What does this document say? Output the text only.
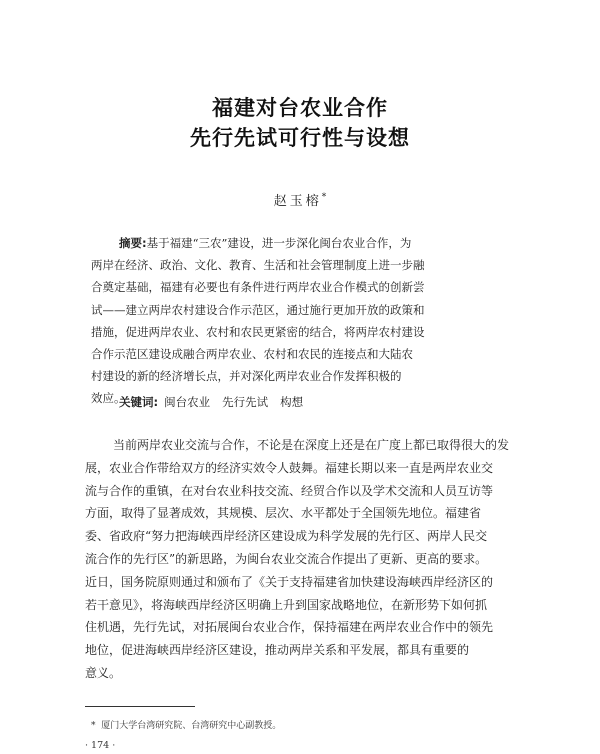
福建对台农业合作
先行先试可行性与设想
赵玉榕*
摘要:基于福建“三农”建设，进一步深化闽台农业合作，为
两岸在经济、政治、文化、教育、生活和社会管理制度上进一步融
合奠定基础，福建有必要也有条件进行两岸农业合作模式的创新尝
试——建立两岸农村建设合作示范区，通过施行更加开放的政策和
措施，促进两岸农业、农村和农民更紧密的结合，将两岸农村建设
合作示范区建设成融合两岸农业、农村和农民的连接点和大陆农
村建设的新的经济增长点，并对深化两岸农业合作发挥积极的
效应。
关键词: 闽台农业 先行先试 构想
当前两岸农业交流与合作，不论是在深度上还是在广度上都已取得很大的发
展，农业合作带给双方的经济实效令人鼓舞。福建长期以来一直是两岸农业交
流与合作的重镇，在对台农业科技交流、经贸合作以及学术交流和人员互访等
方面，取得了显著成效，其规模、层次、水平都处于全国领先地位。福建省
委、省政府“努力把海峡西岸经济区建设成为科学发展的先行区、两岸人民交
流合作的先行区”的新思路，为闽台农业交流合作提出了更新、更高的要求。
近日，国务院原则通过和颁布了《关于支持福建省加快建设海峡西岸经济区的
若干意见》，将海峡西岸经济区明确上升到国家战略地位，在新形势下如何抓
住机遇，先行先试，对拓展闽台农业合作，保持福建在两岸农业合作中的领先
地位，促进海峡西岸经济区建设，推动两岸关系和平发展，都具有重要的
意义。
* 厦门大学台湾研究院、台湾研究中心副教授。
· 174 ·
